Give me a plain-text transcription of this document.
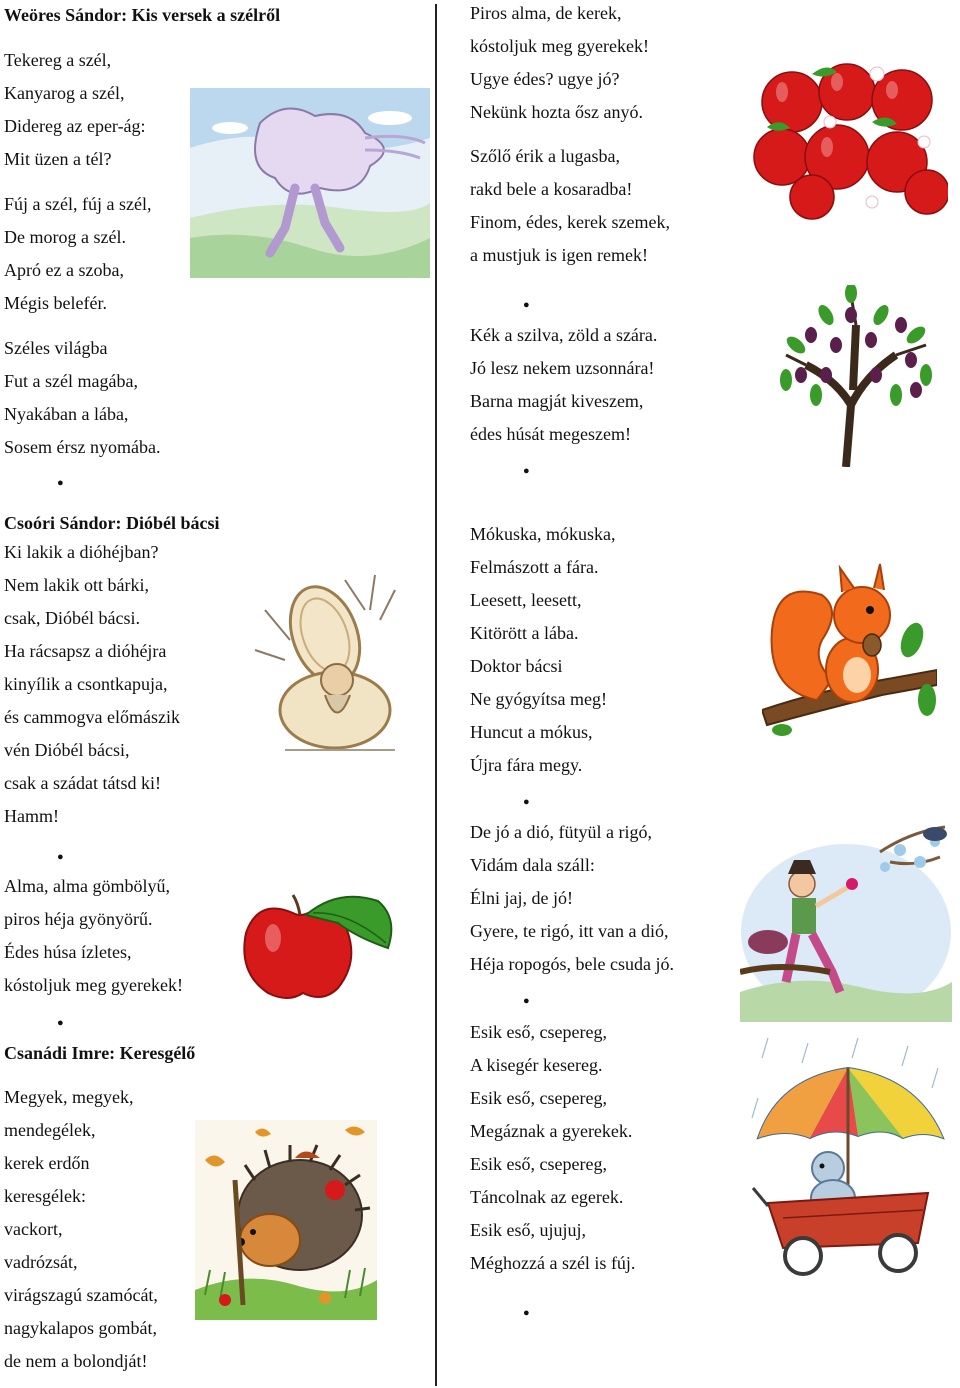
Weöres Sándor: Kis versek a szélről
Tekereg a szél,
Kanyarog a szél,
Didereg az eper-ág:
Mit üzen a tél?
Fúj a szél, fúj a szél,
De morog a szél.
Apró ez a szoba,
Mégis belefér.
Széles világba
Fut a szél magába,
Nyakában a lába,
Sosem érsz nyomába.
●
Csoóri Sándor: Dióbél bácsi
Ki lakik a dióhéjban?
Nem lakik ott bárki,
csak, Dióbél bácsi.
Ha rácsapsz a dióhéjra
kinyílik a csontkapuja,
és cammogva előmászik
vén Dióbél bácsi,
csak a szádat tátsd ki!
Hamm!
●
Alma, alma gömbölyű,
piros héja gyönyörű.
Édes húsa ízletes,
kóstoljuk meg gyerekek!
●
Csanádi Imre: Keresgélő
Megyek, megyek,
mendegélek,
kerek erdőn
keresgélek:
vackort,
vadrózsát,
virágszagú szamócát,
nagykalapos gombát,
de nem a bolondját!
Piros alma, de kerek,
kóstoljuk meg gyerekek!
Ugye édes? ugye jó?
Nekünk hozta ősz anyó.
Szőlő érik a lugasba,
rakd bele a kosaradba!
Finom, édes, kerek szemek,
a mustjuk is igen remek!
●
Kék a szilva, zöld a szára.
Jó lesz nekem uzsonnára!
Barna magját kiveszem,
édes húsát megeszem!
●
Mókuska, mókuska,
Felmászott a fára.
Leesett, leesett,
Kitörött a lába.
Doktor bácsi
Ne gyógyítsa meg!
Huncut a mókus,
Újra fára megy.
●
De jó a dió, fütyül a rigó,
Vidám dala száll:
Élni jaj, de jó!
Gyere, te rigó, itt van a dió,
Héja ropogós, bele csuda jó.
●
Esik eső, csepereg,
A kisegér kesereg.
Esik eső, csepereg,
Megáznak a gyerekek.
Esik eső, csepereg,
Táncolnak az egerek.
Esik eső, ujujuj,
Méghozzá a szél is fúj.
●
